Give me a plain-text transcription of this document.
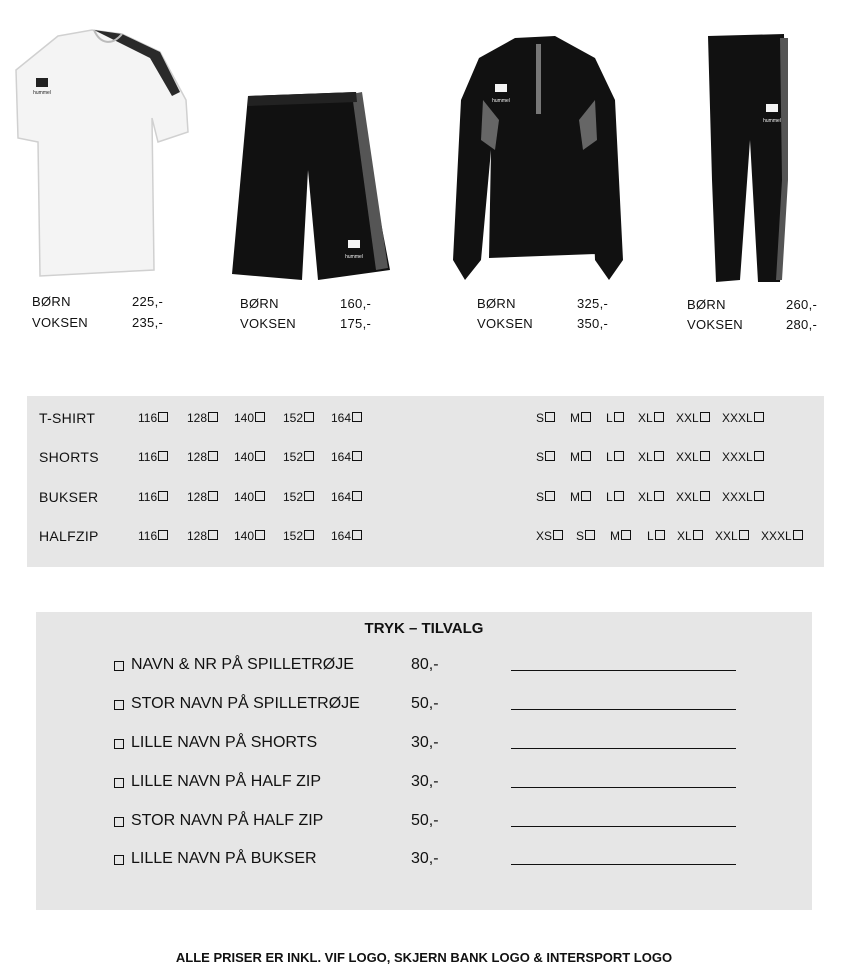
hummel
hummel
hummel
hummel
BØRN	225,-
VOKSEN	235,-
BØRN	160,-
VOKSEN	175,-
BØRN	325,-
VOKSEN	350,-
BØRN	260,-
VOKSEN	280,-
T-SHIRT	116	128	140	152	164	S	M	L	XL	XXL	XXXL
SHORTS	116	128	140	152	164	S	M	L	XL	XXL	XXXL
BUKSER	116	128	140	152	164	S	M	L	XL	XXL	XXXL
HALFZIP	116	128	140	152	164	XS	S	M	L	XL	XXL	XXXL
TRYK – TILVALG
NAVN & NR PÅ SPILLETRØJE	80,-
STOR NAVN PÅ SPILLETRØJE	50,-
LILLE NAVN PÅ SHORTS	30,-
LILLE NAVN PÅ HALF ZIP	30,-
STOR NAVN PÅ HALF ZIP	50,-
LILLE NAVN PÅ BUKSER	30,-
ALLE PRISER ER INKL. VIF LOGO, SKJERN BANK LOGO & INTERSPORT LOGO
